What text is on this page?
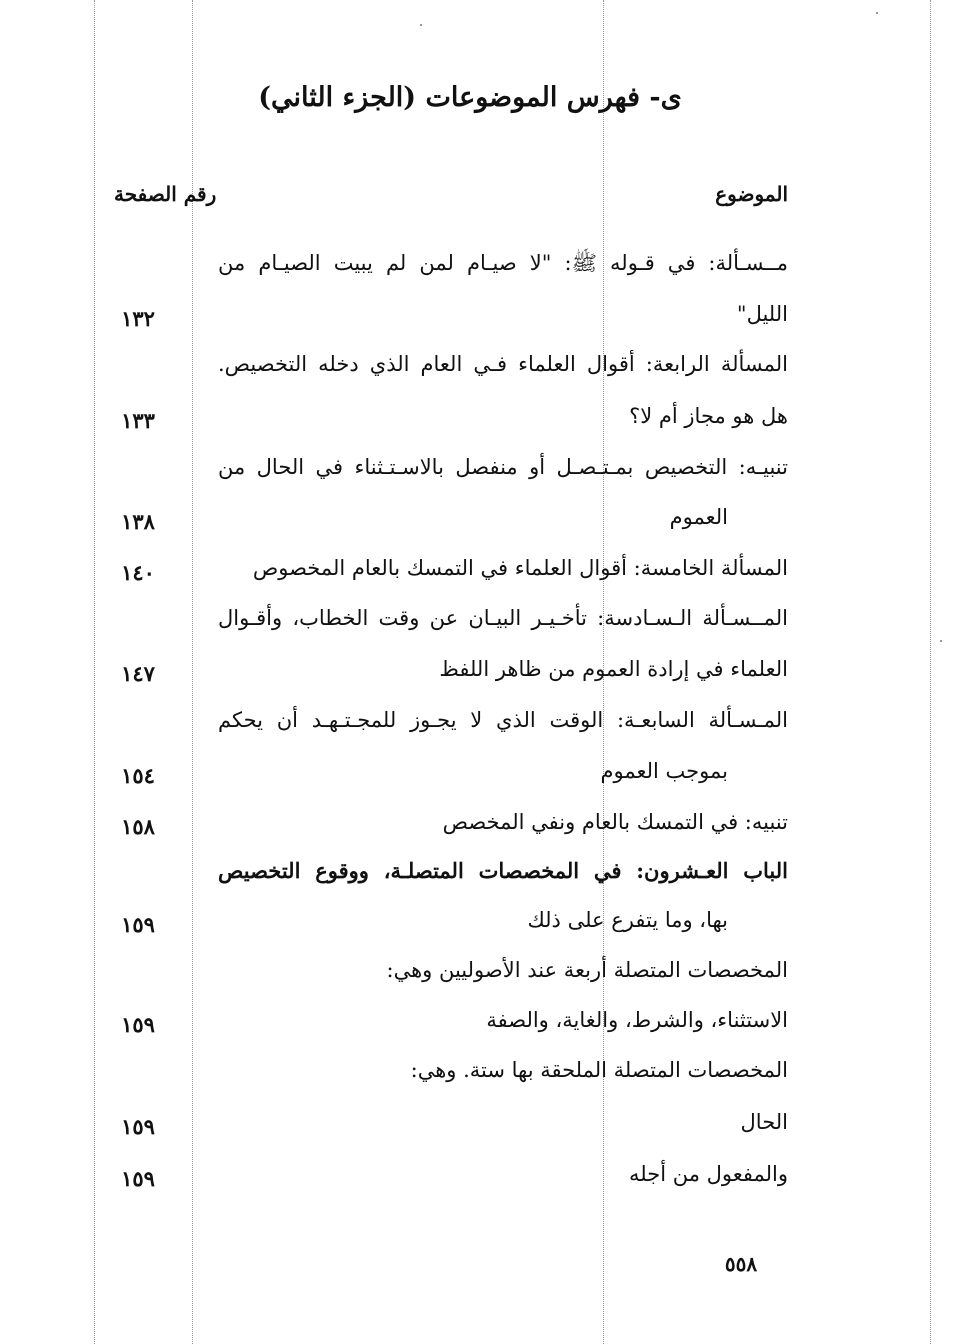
ى- فهرس الموضوعات (الجزء الثاني)
الموضوع
رقم الصفحة
مــسـألة: في قـوله ﷺ: "لا صيـام لمن لم يبيت الصيـام من
الليل"
١٣٢
المسألة الرابعة: أقوال العلماء فـي العام الذي دخله التخصيص.
هل هو مجاز أم لا؟
١٣٣
تنبيـه: التخصيص بمـتـصـل أو منفصل بالاسـتـثناء في الحال من
العموم
١٣٨
المسألة الخامسة: أقوال العلماء في التمسك بالعام المخصوص
١٤٠
المــسـألة الـسـادسة: تأخـيـر البيـان عن وقت الخطاب، وأقـوال
العلماء في إرادة العموم من ظاهر اللفظ
١٤٧
المـسـألة السابعـة: الوقت الذي لا يجـوز للمجـتـهـد أن يحكم
بموجب العموم
١٥٤
تنبيه: في التمسك بالعام ونفي المخصص
١٥٨
الباب العـشرون: في المخصصات المتصلـة، ووقوع التخصيص
بها، وما يتفرع على ذلك
١٥٩
المخصصات المتصلة أربعة عند الأصوليين وهي:
الاستثناء، والشرط، والغاية، والصفة
١٥٩
المخصصات المتصلة الملحقة بها ستة. وهي:
الحال
١٥٩
والمفعول من أجله
١٥٩
٥٥٨
